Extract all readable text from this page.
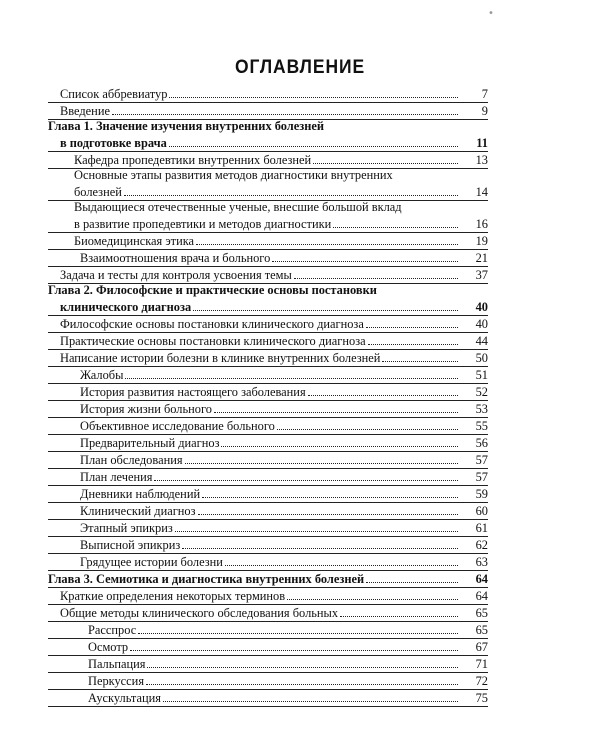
•
ОГЛАВЛЕНИЕ
Список аббревиатур	7
Введение	9
Глава 1. Значение изучения внутренних болезней
в подготовке врача	11
Кафедра пропедевтики внутренних болезней	13
Основные этапы развития методов диагностики внутренних
болезней	14
Выдающиеся отечественные ученые, внесшие большой вклад
в развитие пропедевтики и методов диагностики	16
Биомедицинская этика	19
Взаимоотношения врача и больного	21
Задача и тесты для контроля усвоения темы	37
Глава 2. Философские и практические основы постановки
клинического диагноза	40
Философские основы постановки клинического диагноза	40
Практические основы постановки клинического диагноза	44
Написание истории болезни в клинике внутренних болезней	50
Жалобы	51
История развития настоящего заболевания	52
История жизни больного	53
Объективное исследование больного	55
Предварительный диагноз	56
План обследования	57
План лечения	57
Дневники наблюдений	59
Клинический диагноз	60
Этапный эпикриз	61
Выписной эпикриз	62
Грядущее истории болезни	63
Глава 3. Семиотика и диагностика внутренних болезней	64
Краткие определения некоторых терминов	64
Общие методы клинического обследования больных	65
Расспрос	65
Осмотр	67
Пальпация	71
Перкуссия	72
Аускультация	75
